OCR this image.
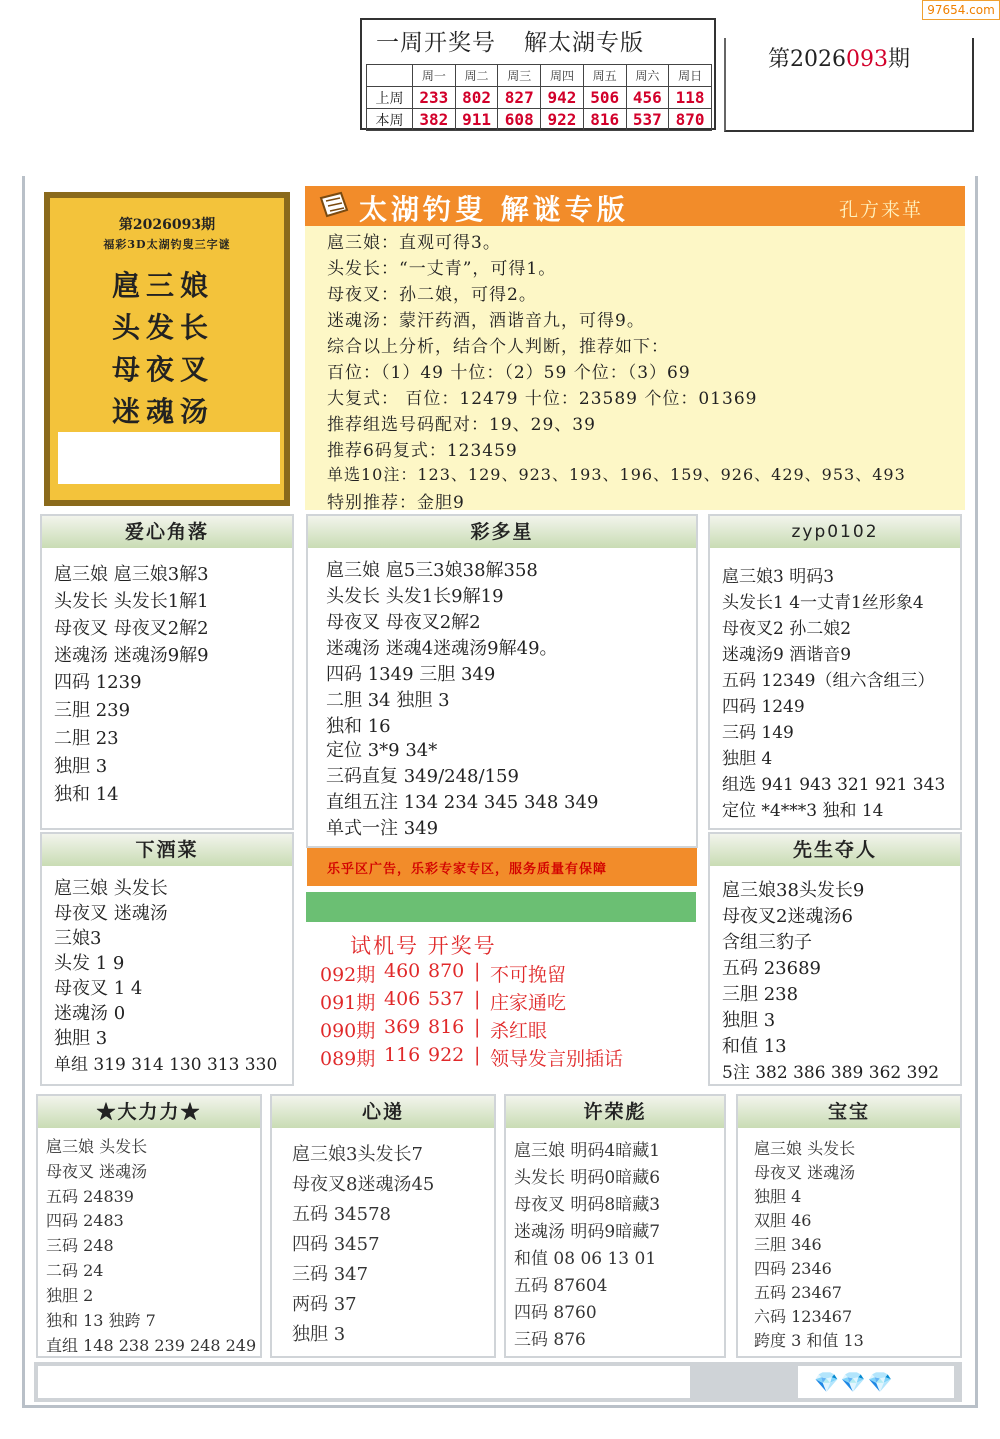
97654.com
一周开奖号 解太湖专版
	周一	周二	周三	周四	周五	周六	周日
上周	233	802	827	942	506	456	118
本周	382	911	608	922	816	537	870
第2026093期
第2026093期
福彩3D太湖钓叟三字谜
扈三娘
头发长
母夜叉
迷魂汤
太湖钓叟 解谜专版	孔方来革
扈三娘：直观可得3。
头发长：“一丈青”，可得1。
母夜叉：孙二娘，可得2。
迷魂汤：蒙汗药酒，酒谐音九，可得9。
综合以上分析，结合个人判断，推荐如下：
百位：（1）49 十位：（2）59 个位：（3）69
大复式： 百位：12479 十位：23589 个位：01369
推荐组选号码配对：19、29、39
推荐6码复式：123459
单选10注：123、129、923、193、196、159、926、429、953、493
特别推荐：金胆9
爱心角落
扈三娘 扈三娘3解3
头发长 头发长1解1
母夜叉 母夜叉2解2
迷魂汤 迷魂汤9解9
四码 1239
三胆 239
二胆 23
独胆 3
独和 14
彩多星
扈三娘 扈5三3娘38解358
头发长 头发1长9解19
母夜叉 母夜叉2解2
迷魂汤 迷魂4迷魂汤9解49。
四码 1349 三胆 349
二胆 34 独胆 3
独和 16
定位 3*9 34*
三码直复 349/248/159
直组五注 134 234 345 348 349
单式一注 349
乐乎区广告，乐彩专家专区，服务质量有保障
zyp0102
扈三娘3 明码3
头发长1 4一丈青1丝形象4
母夜叉2 孙二娘2
迷魂汤9 酒谐音9
五码 12349（组六含组三）
四码 1249
三码 149
独胆 4
组选 941 943 321 921 343
定位 *4***3 独和 14
下酒菜
扈三娘 头发长
母夜叉 迷魂汤
三娘3
头发 1 9
母夜叉 1 4
迷魂汤 0
独胆 3
单组 319 314 130 313 330
试机号 开奖号
092期 460 870 | 不可挽留
091期 406 537 | 庄家通吃
090期 369 816 | 杀红眼
089期 116 922 | 领导发言别插话
先生夺人
扈三娘38头发长9
母夜叉2迷魂汤6
含组三豹子
五码 23689
三胆 238
独胆 3
和值 13
5注 382 386 389 362 392
★大力力★
扈三娘 头发长
母夜叉 迷魂汤
五码 24839
四码 2483
三码 248
二码 24
独胆 2
独和 13 独跨 7
直组 148 238 239 248 249
心递
扈三娘3头发长7
母夜叉8迷魂汤45
五码 34578
四码 3457
三码 347
两码 37
独胆 3
许荣彪
扈三娘 明码4暗藏1
头发长 明码0暗藏6
母夜叉 明码8暗藏3
迷魂汤 明码9暗藏7
和值 08 06 13 01
五码 87604
四码 8760
三码 876
宝宝
扈三娘 头发长
母夜叉 迷魂汤
独胆 4
双胆 46
三胆 346
四码 2346
五码 23467
六码 123467
跨度 3 和值 13
💎💎💎
